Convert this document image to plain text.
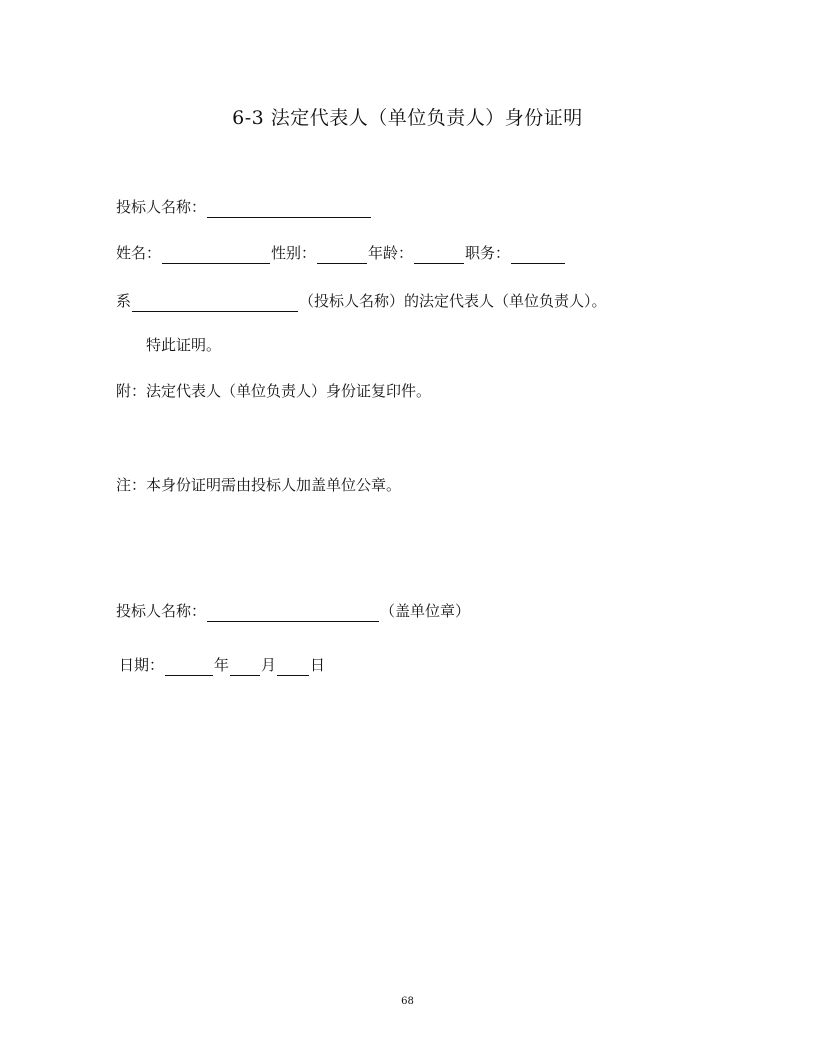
6-3 法定代表人（单位负责人）身份证明
投标人名称：
姓名：	性别：	年龄：	职务：
系	（投标人名称）的法定代表人（单位负责人）。
特此证明。
附：法定代表人（单位负责人）身份证复印件。
注：本身份证明需由投标人加盖单位公章。
投标人名称：	（盖单位章）
日期：	年 月 日
68
